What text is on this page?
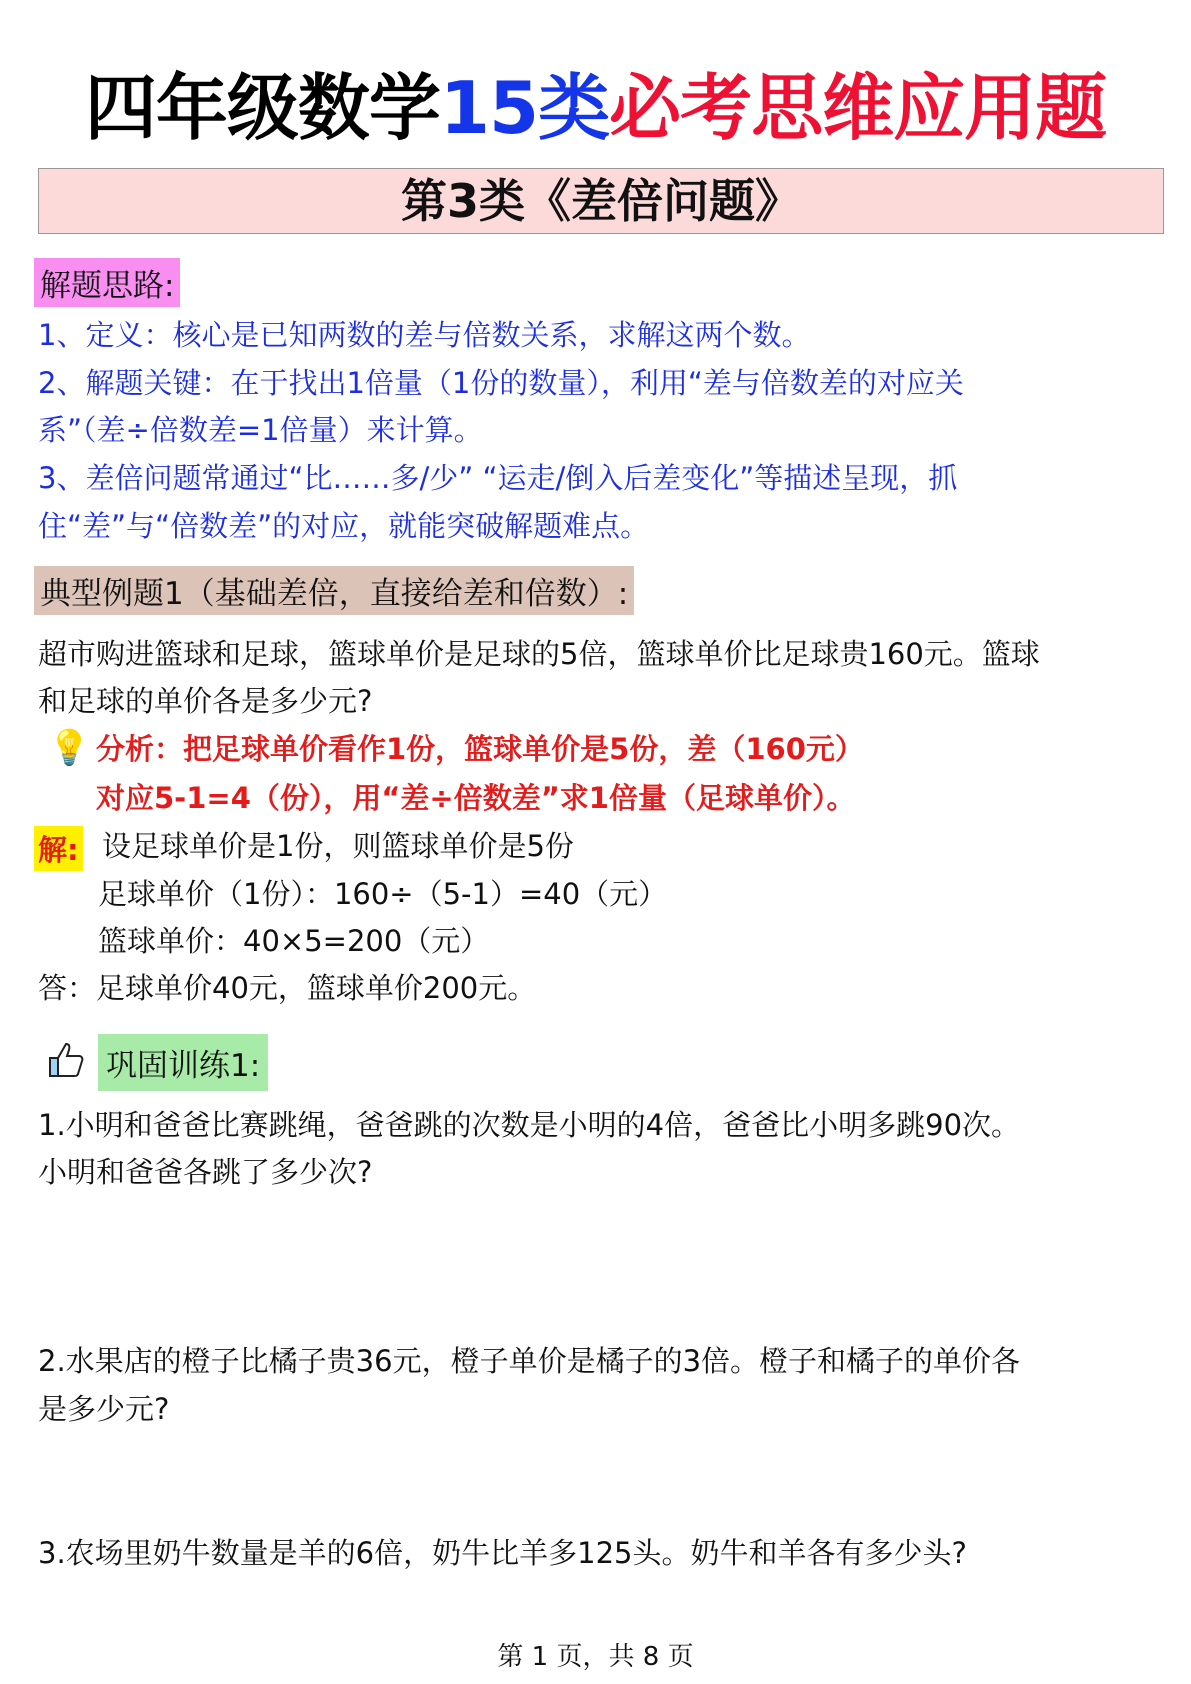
四年级数学15类必考思维应用题
第3类《差倍问题》
解题思路:
1、定义：核心是已知两数的差与倍数关系，求解这两个数。
2、解题关键：在于找出1倍量（1份的数量），利用“差与倍数差的对应关
系”（差÷倍数差=1倍量）来计算。
3、差倍问题常通过“比……多/少” “运走/倒入后差变化”等描述呈现，抓
住“差”与“倍数差”的对应，就能突破解题难点。
典型例题1（基础差倍，直接给差和倍数）:
超市购进篮球和足球，篮球单价是足球的5倍，篮球单价比足球贵160元。篮球
和足球的单价各是多少元?
💡 分析：把足球单价看作1份，篮球单价是5份，差（160元）
对应5-1=4（份），用“差÷倍数差”求1倍量（足球单价）。
解: 设足球单价是1份，则篮球单价是5份
足球单价（1份）：160÷（5-1）=40（元）
篮球单价：40×5=200（元）
答：足球单价40元，篮球单价200元。
巩固训练1:
1.小明和爸爸比赛跳绳，爸爸跳的次数是小明的4倍，爸爸比小明多跳90次。
小明和爸爸各跳了多少次?
2.水果店的橙子比橘子贵36元，橙子单价是橘子的3倍。橙子和橘子的单价各
是多少元?
3.农场里奶牛数量是羊的6倍，奶牛比羊多125头。奶牛和羊各有多少头?
第 1 页，共 8 页
